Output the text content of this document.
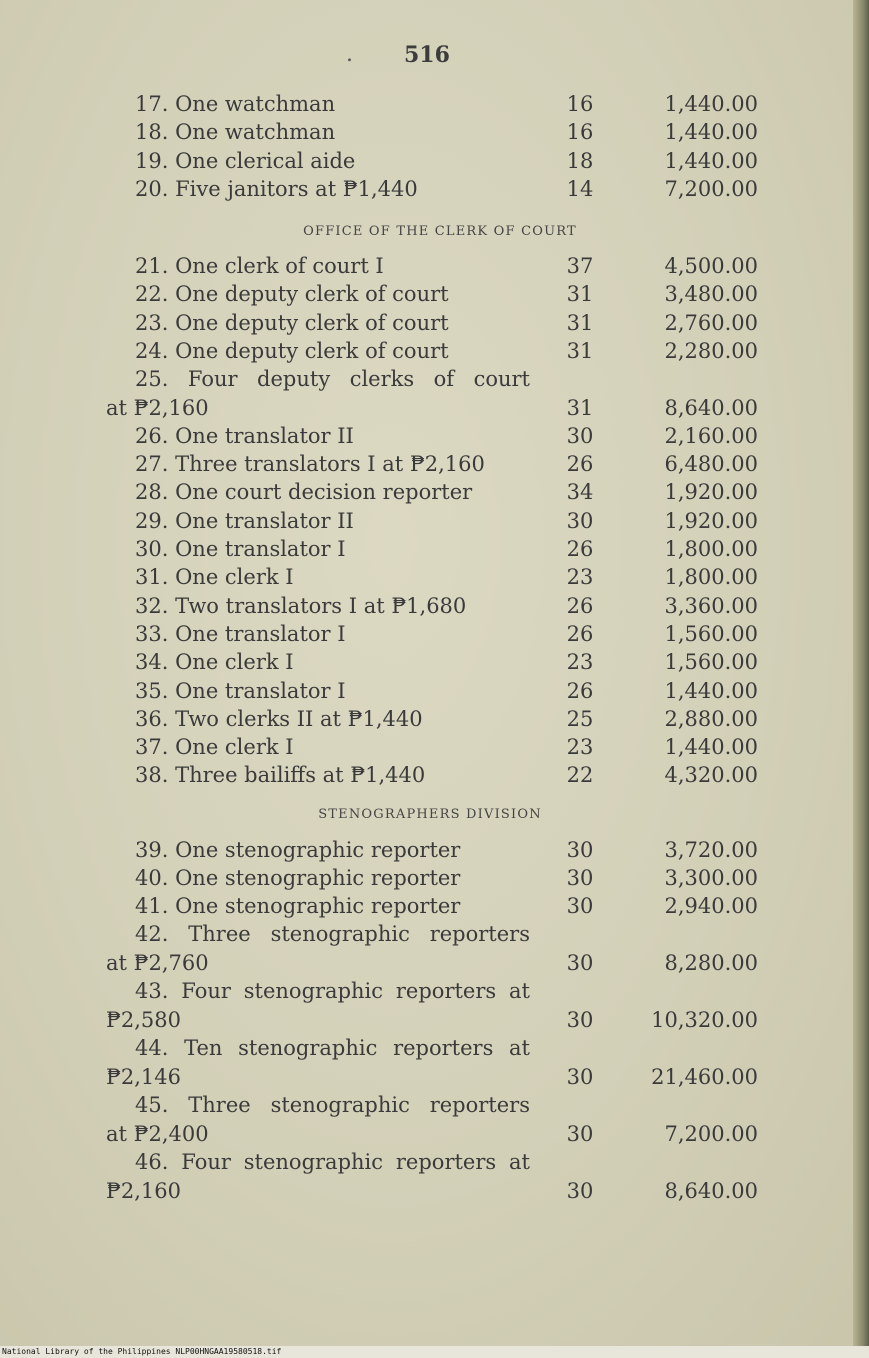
. 516
17. One watchman	16	1,440.00
18. One watchman	16	1,440.00
19. One clerical aide	18	1,440.00
20. Five janitors at ₱1,440	14	7,200.00
OFFICE OF THE CLERK OF COURT
21. One clerk of court I	37	4,500.00
22. One deputy clerk of court	31	3,480.00
23. One deputy clerk of court	31	2,760.00
24. One deputy clerk of court	31	2,280.00
25. Four deputy clerks of court
at ₱2,160	31	8,640.00
26. One translator II	30	2,160.00
27. Three translators I at ₱2,160	26	6,480.00
28. One court decision reporter	34	1,920.00
29. One translator II	30	1,920.00
30. One translator I	26	1,800.00
31. One clerk I	23	1,800.00
32. Two translators I at ₱1,680	26	3,360.00
33. One translator I	26	1,560.00
34. One clerk I	23	1,560.00
35. One translator I	26	1,440.00
36. Two clerks II at ₱1,440	25	2,880.00
37. One clerk I	23	1,440.00
38. Three bailiffs at ₱1,440	22	4,320.00
STENOGRAPHERS DIVISION
39. One stenographic reporter	30	3,720.00
40. One stenographic reporter	30	3,300.00
41. One stenographic reporter	30	2,940.00
42. Three stenographic reporters
at ₱2,760	30	8,280.00
43. Four stenographic reporters at
₱2,580	30	10,320.00
44. Ten stenographic reporters at
₱2,146	30	21,460.00
45. Three stenographic reporters
at ₱2,400	30	7,200.00
46. Four stenographic reporters at
₱2,160	30	8,640.00
National Library of the Philippines NLP00HNGAA19580518.tif
